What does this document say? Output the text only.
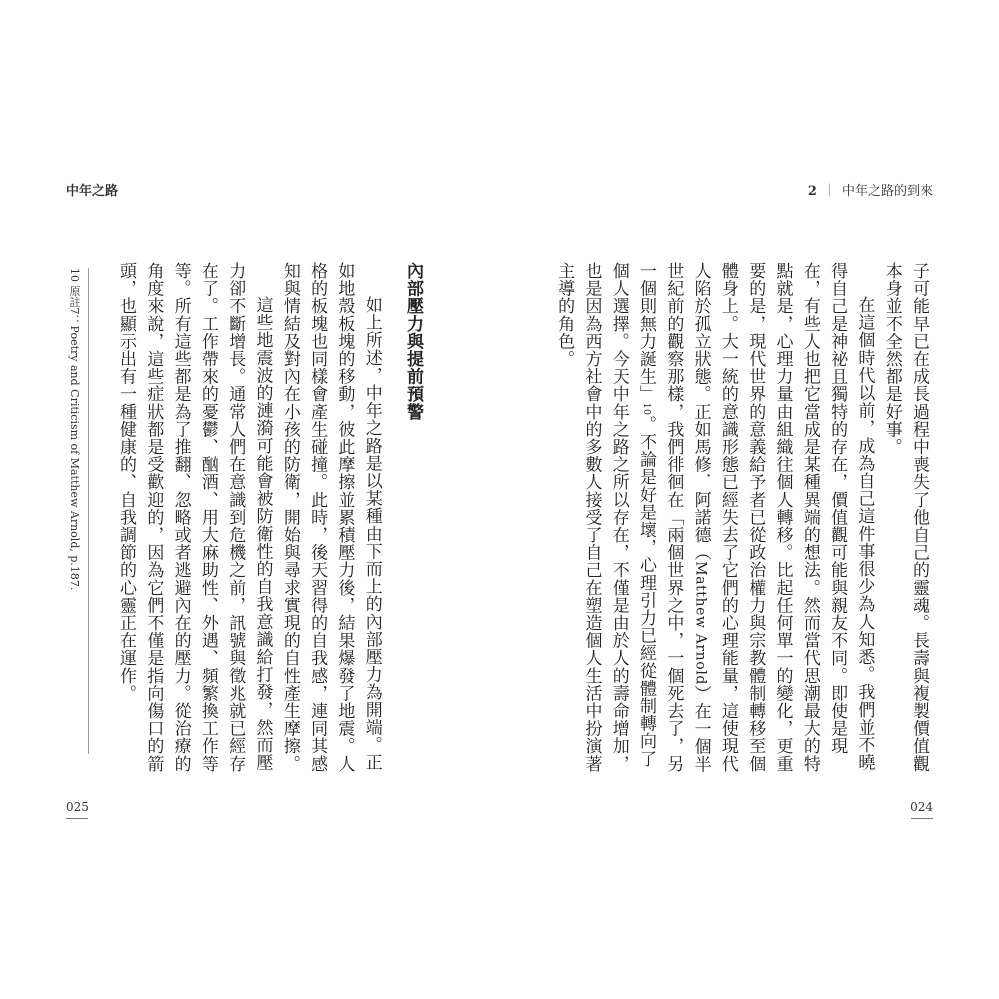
中年之路
10 原註7：Poetry and Criticism of Matthew Arnold, p.187.	內部壓力與提前預警

如上所述，中年之路是以某種由下而上的內部壓力為開端。正如地殼板塊的移動，彼此摩擦並累積壓力後，結果爆發了地震。人格的板塊也同樣會產生碰撞。此時，後天習得的自我感，連同其感知與情結及對內在小孩的防衛，開始與尋求實現的自性產生摩擦。

這些地震波的漣漪可能會被防衛性的自我意識給打發，然而壓力卻不斷增長。通常人們在意識到危機之前，訊號與徵兆就已經存在了。工作帶來的憂鬱、酗酒、用大麻助性、外遇、頻繁換工作等等。所有這些都是為了推翻、忽略或者逃避內在的壓力。從治療的角度來說，這些症狀都是受歡迎的，因為它們不僅是指向傷口的箭頭，也顯示出有一種健康的、自我調節的心靈正在運作。

025
2 ｜ 中年之路的到來

子可能早已在成長過程中喪失了他自己的靈魂。長壽與複製價值觀本身並不全然都是好事。

在這個時代以前，成為自己這件事很少為人知悉。我們並不曉得自己是神祕且獨特的存在，價值觀可能與親友不同。即使是現在，有些人也把它當成是某種異端的想法。然而當代思潮最大的特點就是，心理力量由組織往個人轉移。比起任何單一的變化，更重要的是，現代世界的意義給予者已從政治權力與宗教體制轉移至個體身上。大一統的意識形態已經失去了它們的心理能量，這使現代人陷於孤立狀態。正如馬修．阿諾德（Matthew Arnold）在一個半世紀前的觀察那樣，我們徘徊在「兩個世界之中，一個死去了，另一個則無力誕生」10。不論是好是壞，心理引力已經從體制轉向了個人選擇。今天中年之路之所以存在，不僅是由於人的壽命增加，也是因為西方社會中的多數人接受了自己在塑造個人生活中扮演著主導的角色。

024
